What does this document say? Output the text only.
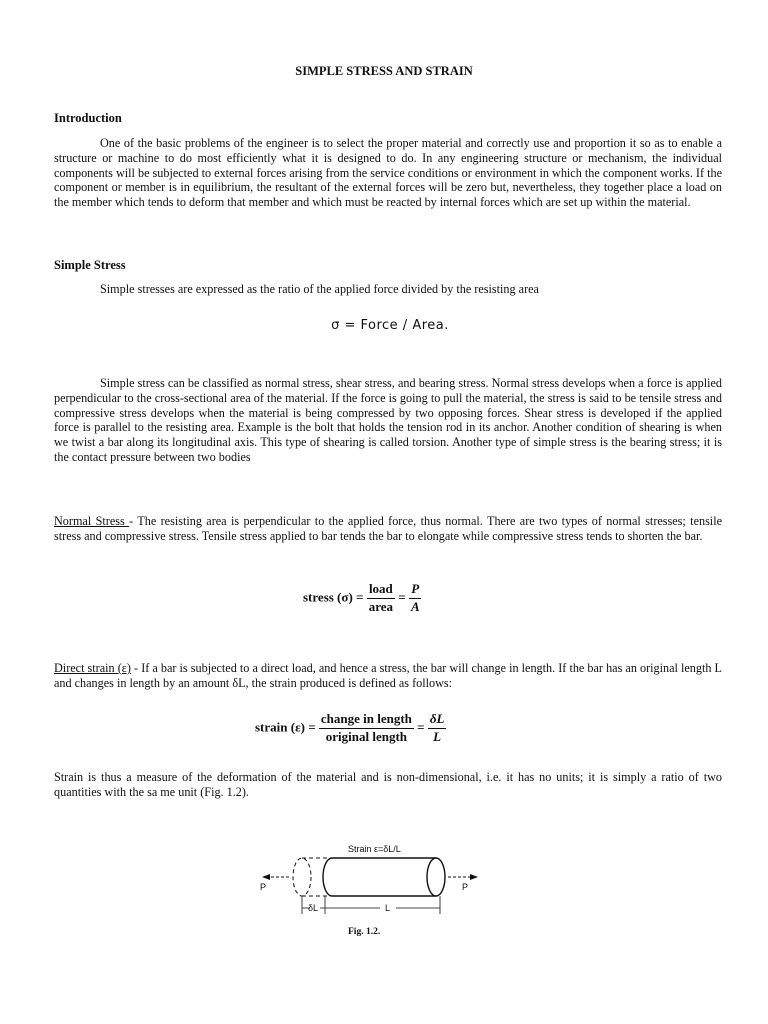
SIMPLE STRESS AND STRAIN
Introduction
One of the basic problems of the engineer is to select the proper material and correctly use and proportion it so as to enable a structure or machine to do most efficiently what it is designed to do. In any engineering structure or mechanism, the individual components will be subjected to external forces arising from the service conditions or environment in which the component works. If the component or member is in equilibrium, the resultant of the external forces will be zero but, nevertheless, they together place a load on the member which tends to deform that member and which must be reacted by internal forces which are set up within the material.
Simple Stress
Simple stresses are expressed as the ratio of the applied force divided by the resisting area
σ = Force / Area.
Simple stress can be classified as normal stress, shear stress, and bearing stress. Normal stress develops when a force is applied perpendicular to the cross-sectional area of the material. If the force is going to pull the material, the stress is said to be tensile stress and compressive stress develops when the material is being compressed by two opposing forces. Shear stress is developed if the applied force is parallel to the resisting area. Example is the bolt that holds the tension rod in its anchor. Another condition of shearing is when we twist a bar along its longitudinal axis. This type of shearing is called torsion. Another type of simple stress is the bearing stress; it is the contact pressure between two bodies
Normal Stress - The resisting area is perpendicular to the applied force, thus normal. There are two types of normal stresses; tensile stress and compressive stress. Tensile stress applied to bar tends the bar to elongate while compressive stress tends to shorten the bar.
stress $(\sigma) = \frac{\text{load}}{\text{area}} = \frac{P}{A}$
Direct strain (ε) - If a bar is subjected to a direct load, and hence a stress, the bar will change in length. If the bar has an original length L and changes in length by an amount δL, the strain produced is defined as follows:
strain $(\varepsilon) = \frac{\text{change in length}}{\text{original length}} = \frac{\delta L}{L}$
Strain is thus a measure of the deformation of the material and is non-dimensional, i.e. it has no units; it is simply a ratio of two quantities with the sa me unit (Fig. 1.2).
Strain ε=δL/L
P	P
δL	L
Fig. 1.2.
